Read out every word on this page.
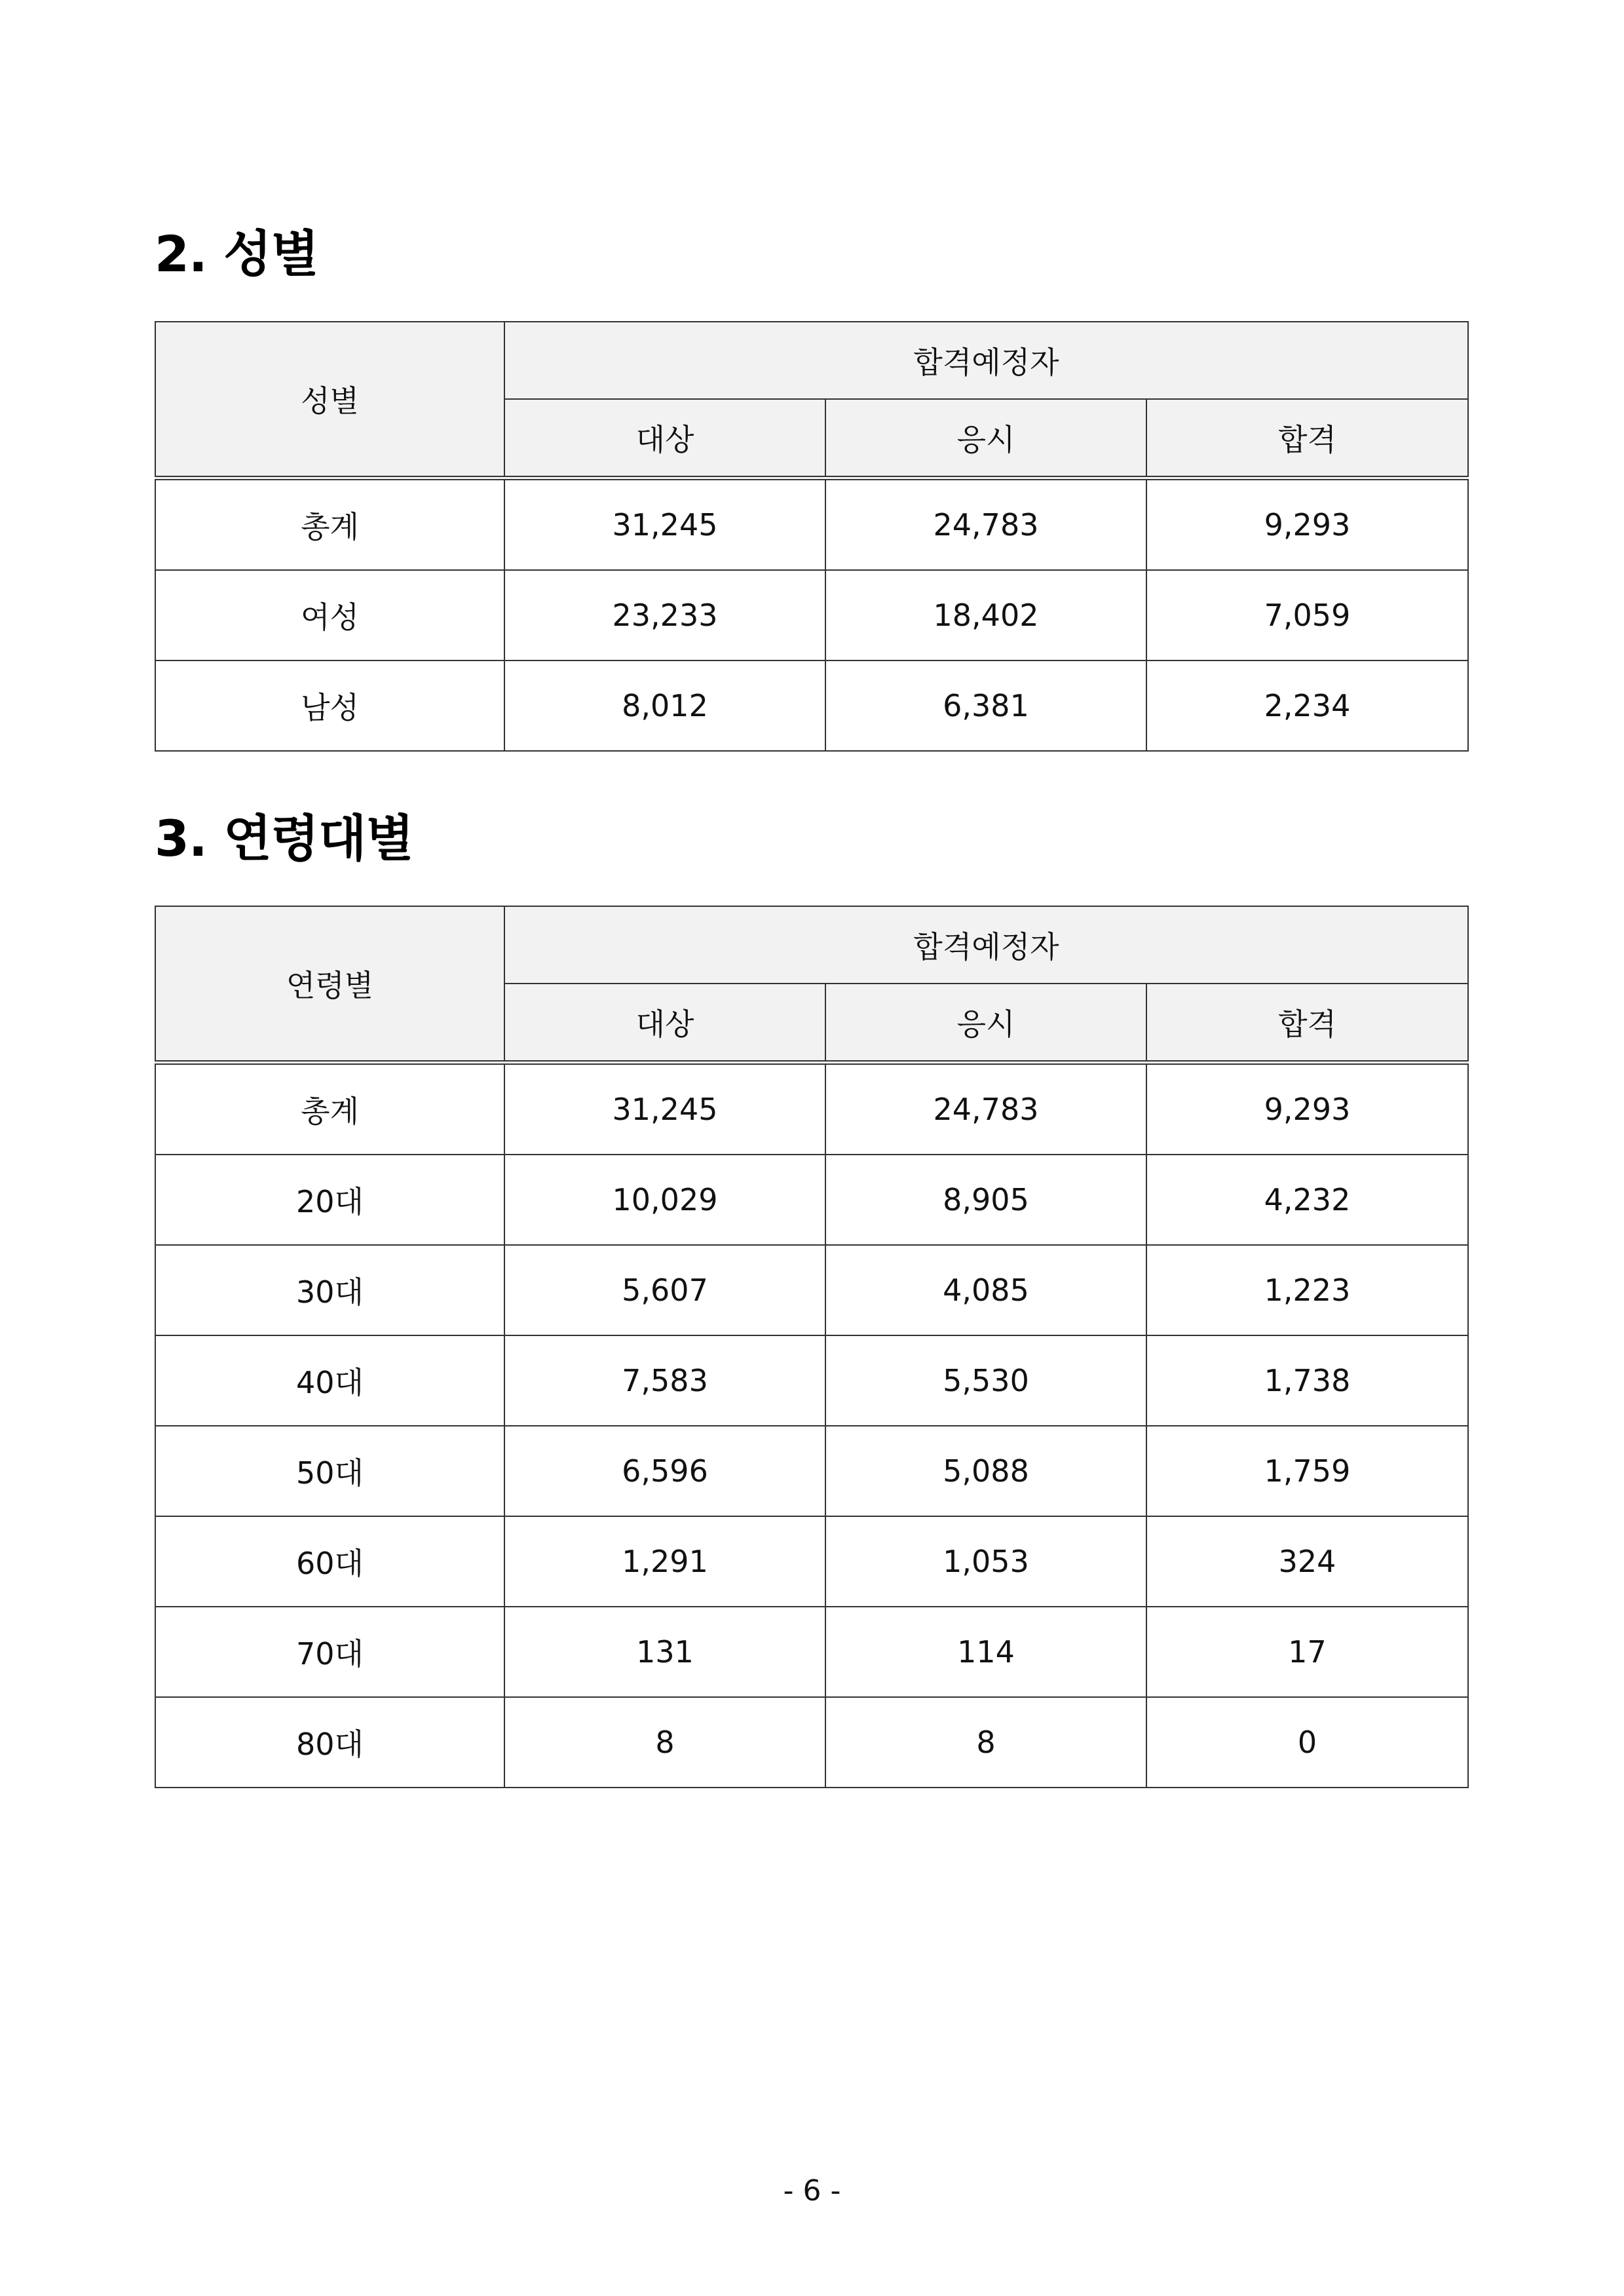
2. 성별
성별	합격예정자		
	대상	응시	합격
총계	31,245	24,783	9,293
여성	23,233	18,402	7,059
남성	8,012	6,381	2,234
3. 연령대별
연령별	합격예정자		
	대상	응시	합격
총계	31,245	24,783	9,293
20대	10,029	8,905	4,232
30대	5,607	4,085	1,223
40대	7,583	5,530	1,738
50대	6,596	5,088	1,759
60대	1,291	1,053	324
70대	131	114	17
80대	8	8	0
- 6 -
